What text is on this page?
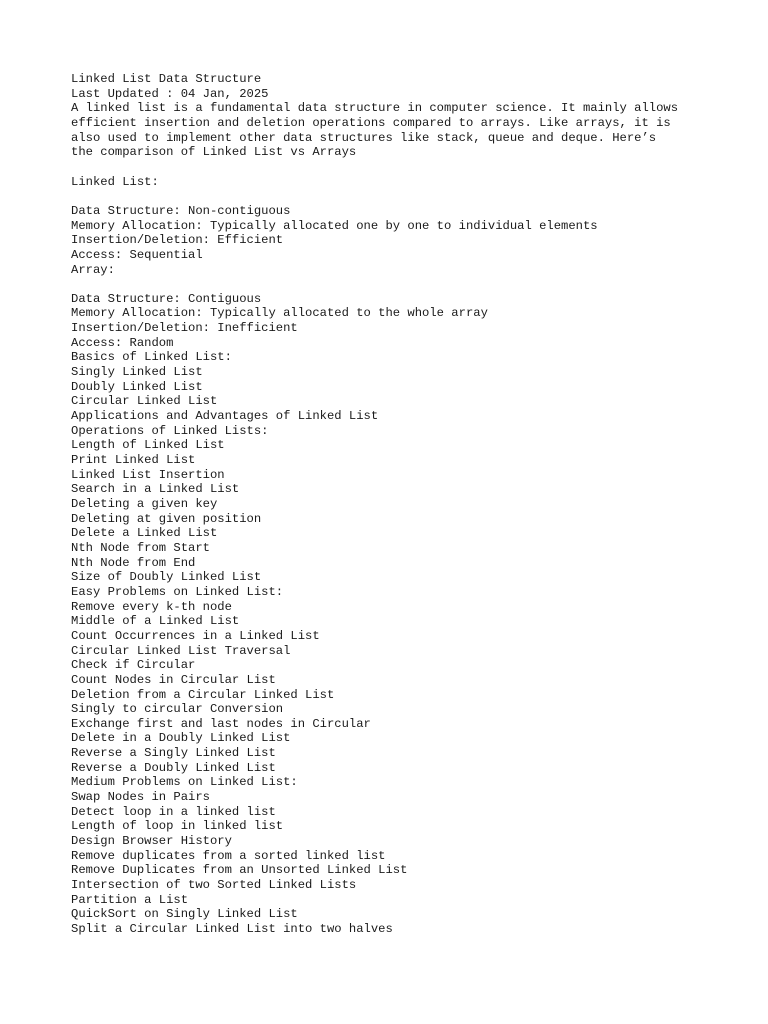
Linked List Data Structure
Last Updated : 04 Jan, 2025
A linked list is a fundamental data structure in computer science. It mainly allows
efficient insertion and deletion operations compared to arrays. Like arrays, it is
also used to implement other data structures like stack, queue and deque. Here’s
the comparison of Linked List vs Arrays
Linked List:
Data Structure: Non-contiguous
Memory Allocation: Typically allocated one by one to individual elements
Insertion/Deletion: Efficient
Access: Sequential
Array:
Data Structure: Contiguous
Memory Allocation: Typically allocated to the whole array
Insertion/Deletion: Inefficient
Access: Random
Basics of Linked List:
Singly Linked List
Doubly Linked List
Circular Linked List
Applications and Advantages of Linked List
Operations of Linked Lists:
Length of Linked List
Print Linked List
Linked List Insertion
Search in a Linked List
Deleting a given key
Deleting at given position
Delete a Linked List
Nth Node from Start
Nth Node from End
Size of Doubly Linked List
Easy Problems on Linked List:
Remove every k-th node
Middle of a Linked List
Count Occurrences in a Linked List
Circular Linked List Traversal
Check if Circular
Count Nodes in Circular List
Deletion from a Circular Linked List
Singly to circular Conversion
Exchange first and last nodes in Circular
Delete in a Doubly Linked List
Reverse a Singly Linked List
Reverse a Doubly Linked List
Medium Problems on Linked List:
Swap Nodes in Pairs
Detect loop in a linked list
Length of loop in linked list
Design Browser History
Remove duplicates from a sorted linked list
Remove Duplicates from an Unsorted Linked List
Intersection of two Sorted Linked Lists
Partition a List
QuickSort on Singly Linked List
Split a Circular Linked List into two halves
